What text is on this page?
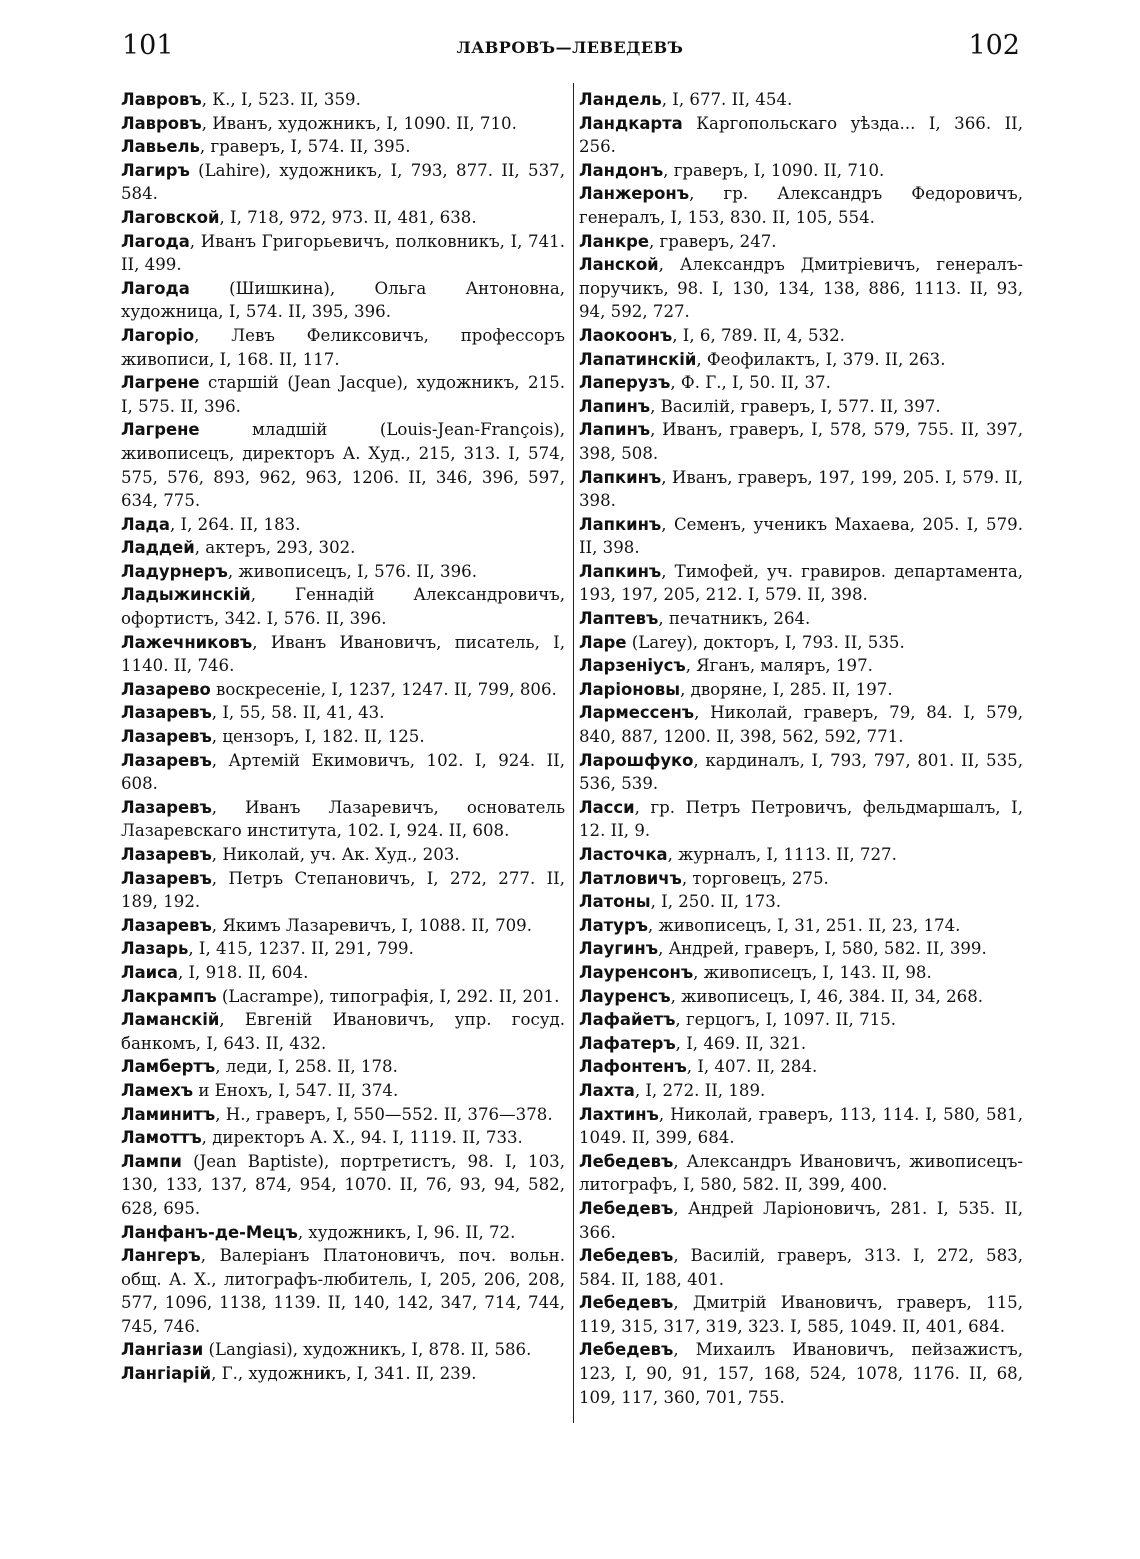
101	ЛАВРОВЪ—ЛЕВЕДЕВЪ	102

Лавровъ, К., I, 523. II, 359.

Лавровъ, Иванъ, художникъ, I, 1090. II, 710.

Лавьель, граверъ, I, 574. II, 395.

Лагиръ (Lahire), художникъ, I, 793, 877. II, 537, 584.

Лаговской, I, 718, 972, 973. II, 481, 638.

Лагода, Иванъ Григорьевичъ, полковникъ, I, 741. II, 499.

Лагода (Шишкина), Ольга Антоновна, художница, I, 574. II, 395, 396.

Лагоріо, Левъ Феликсовичъ, профессоръ живописи, I, 168. II, 117.

Лагрене старшій (Jean Jacque), художникъ, 215. I, 575. II, 396.

Лагрене младшій (Louis-Jean-François), живописецъ, директоръ А. Худ., 215, 313. I, 574, 575, 576, 893, 962, 963, 1206. II, 346, 396, 597, 634, 775.

Лада, I, 264. II, 183.

Ладдей, актеръ, 293, 302.

Ладурнеръ, живописецъ, I, 576. II, 396.

Ладыжинскій, Геннадій Александровичъ, офортистъ, 342. I, 576. II, 396.

Лажечниковъ, Иванъ Ивановичъ, писатель, I, 1140. II, 746.

Лазарево воскресеніе, I, 1237, 1247. II, 799, 806.

Лазаревъ, I, 55, 58. II, 41, 43.

Лазаревъ, цензоръ, I, 182. II, 125.

Лазаревъ, Артемій Екимовичъ, 102. I, 924. II, 608.

Лазаревъ, Иванъ Лазаревичъ, основатель Лазаревскаго института, 102. I, 924. II, 608.

Лазаревъ, Николай, уч. Ак. Худ., 203.

Лазаревъ, Петръ Степановичъ, I, 272, 277. II, 189, 192.

Лазаревъ, Якимъ Лазаревичъ, I, 1088. II, 709.

Лазарь, I, 415, 1237. II, 291, 799.

Лаиса, I, 918. II, 604.

Лакрампъ (Lacrampe), типографія, I, 292. II, 201.

Ламанскій, Евгеній Ивановичъ, упр. госуд. банкомъ, I, 643. II, 432.

Ламбертъ, леди, I, 258. II, 178.

Ламехъ и Енохъ, I, 547. II, 374.

Ламинитъ, Н., граверъ, I, 550—552. II, 376—378.

Ламоттъ, директоръ А. Х., 94. I, 1119. II, 733.

Лампи (Jean Baptiste), портретистъ, 98. I, 103, 130, 133, 137, 874, 954, 1070. II, 76, 93, 94, 582, 628, 695.

Ланфанъ-де-Мецъ, художникъ, I, 96. II, 72.

Лангеръ, Валеріанъ Платоновичъ, поч. вольн. общ. А. Х., литографъ-любитель, I, 205, 206, 208, 577, 1096, 1138, 1139. II, 140, 142, 347, 714, 744, 745, 746.

Лангіази (Langiasi), художникъ, I, 878. II, 586.

Лангіарій, Г., художникъ, I, 341. II, 239.

Ландель, I, 677. II, 454.

Ландкарта Каргопольскаго уѣзда... I, 366. II, 256.

Ландонъ, граверъ, I, 1090. II, 710.

Ланжеронъ, гр. Александръ Федоровичъ, генералъ, I, 153, 830. II, 105, 554.

Ланкре, граверъ, 247.

Ланской, Александръ Дмитріевичъ, генералъ-поручикъ, 98. I, 130, 134, 138, 886, 1113. II, 93, 94, 592, 727.

Лаокоонъ, I, 6, 789. II, 4, 532.

Лапатинскій, Феофилактъ, I, 379. II, 263.

Лаперузъ, Ф. Г., I, 50. II, 37.

Лапинъ, Василій, граверъ, I, 577. II, 397.

Лапинъ, Иванъ, граверъ, I, 578, 579, 755. II, 397, 398, 508.

Лапкинъ, Иванъ, граверъ, 197, 199, 205. I, 579. II, 398.

Лапкинъ, Семенъ, ученикъ Махаева, 205. I, 579. II, 398.

Лапкинъ, Тимофей, уч. гравиров. департамента, 193, 197, 205, 212. I, 579. II, 398.

Лаптевъ, печатникъ, 264.

Ларе (Larey), докторъ, I, 793. II, 535.

Ларзеніусъ, Яганъ, маляръ, 197.

Ларіоновы, дворяне, I, 285. II, 197.

Лармессенъ, Николай, граверъ, 79, 84. I, 579, 840, 887, 1200. II, 398, 562, 592, 771.

Ларошфуко, кардиналъ, I, 793, 797, 801. II, 535, 536, 539.

Ласси, гр. Петръ Петровичъ, фельдмаршалъ, I, 12. II, 9.

Ласточка, журналъ, I, 1113. II, 727.

Латловичъ, торговецъ, 275.

Латоны, I, 250. II, 173.

Латуръ, живописецъ, I, 31, 251. II, 23, 174.

Лаугинъ, Андрей, граверъ, I, 580, 582. II, 399.

Лауренсонъ, живописецъ, I, 143. II, 98.

Лауренсъ, живописецъ, I, 46, 384. II, 34, 268.

Лафайетъ, герцогъ, I, 1097. II, 715.

Лафатеръ, I, 469. II, 321.

Лафонтенъ, I, 407. II, 284.

Лахта, I, 272. II, 189.

Лахтинъ, Николай, граверъ, 113, 114. I, 580, 581, 1049. II, 399, 684.

Лебедевъ, Александръ Ивановичъ, живописецъ-литографъ, I, 580, 582. II, 399, 400.

Лебедевъ, Андрей Ларіоновичъ, 281. I, 535. II, 366.

Лебедевъ, Василій, граверъ, 313. I, 272, 583, 584. II, 188, 401.

Лебедевъ, Дмитрій Ивановичъ, граверъ, 115, 119, 315, 317, 319, 323. I, 585, 1049. II, 401, 684.

Лебедевъ, Михаилъ Ивановичъ, пейзажистъ, 123, I, 90, 91, 157, 168, 524, 1078, 1176. II, 68, 109, 117, 360, 701, 755.
